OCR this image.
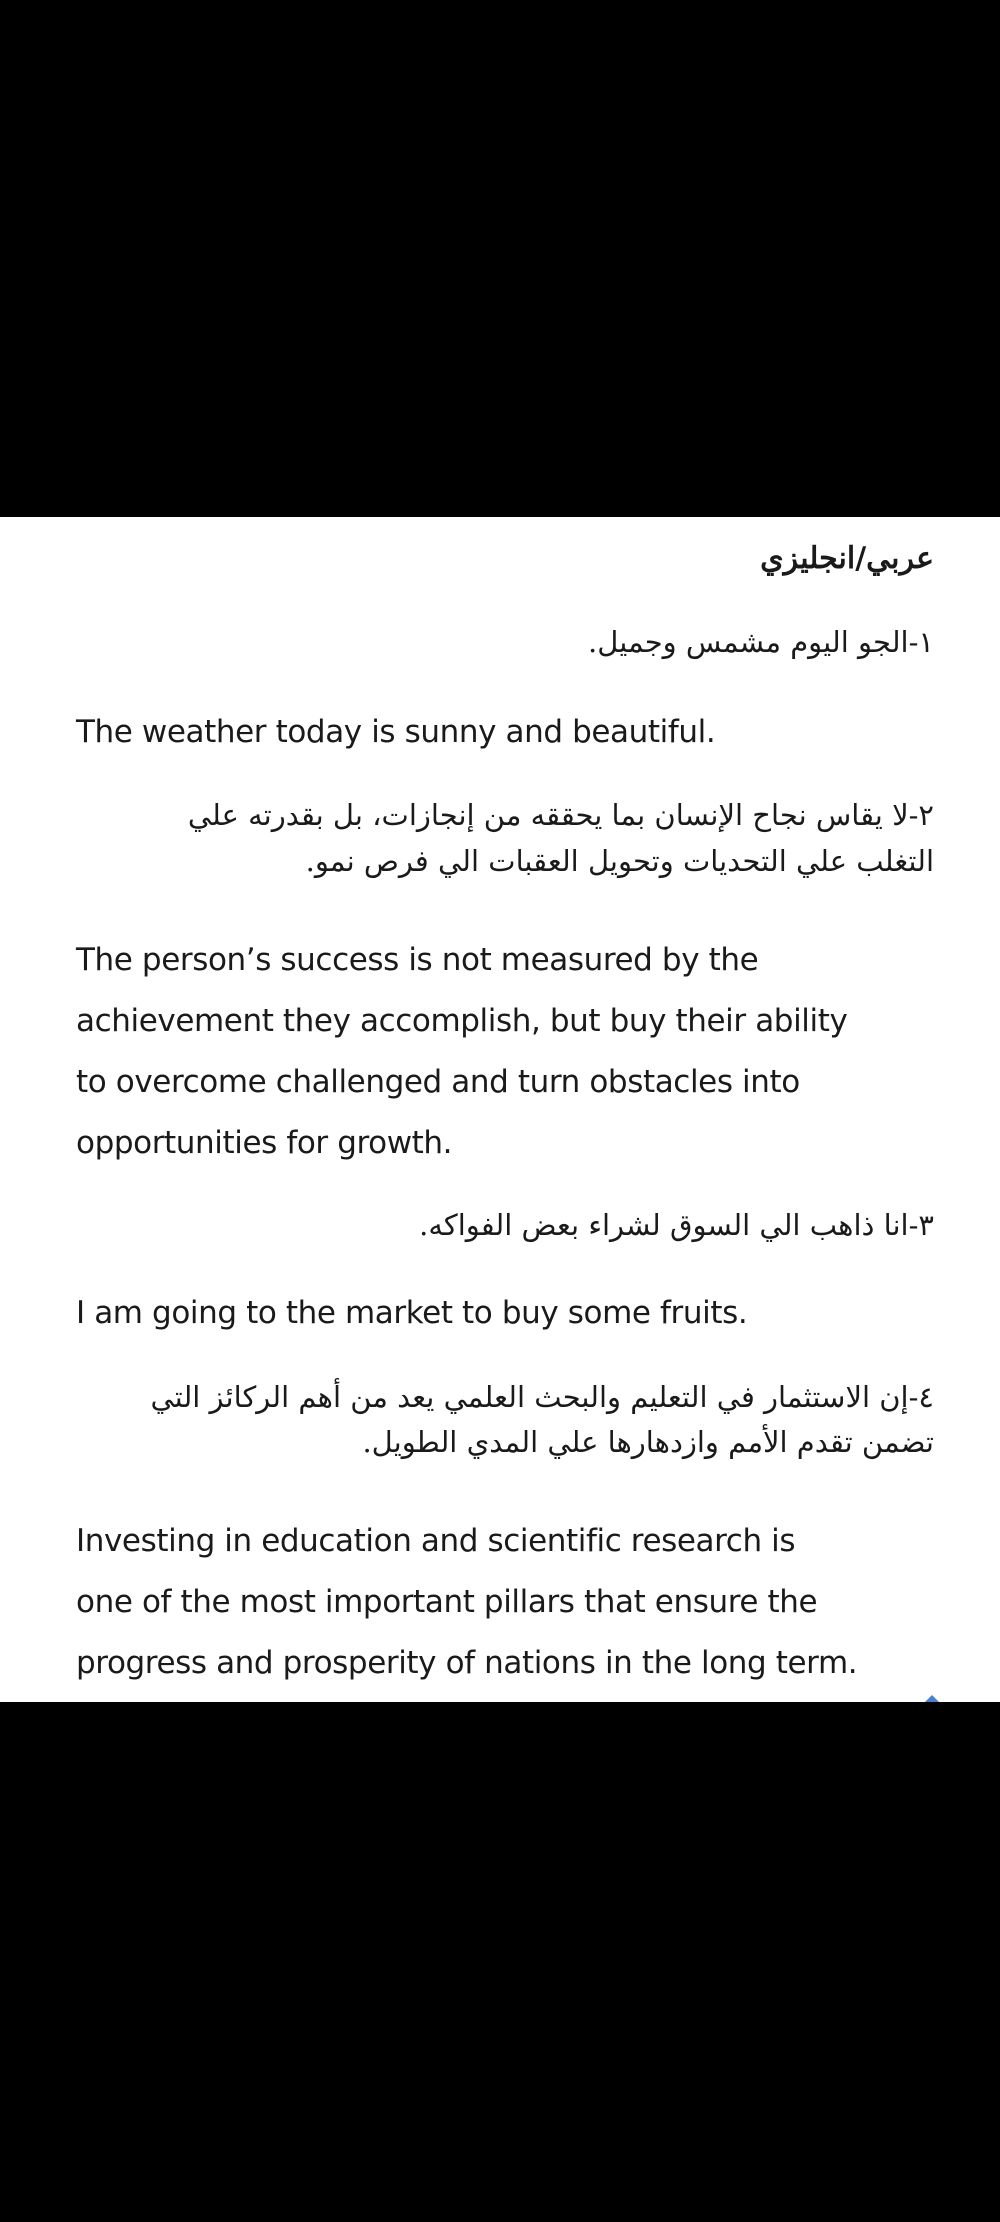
عربي/انجليزي

١-الجو اليوم مشمس وجميل.

The weather today is sunny and beautiful.

٢-لا يقاس نجاح الإنسان بما يحققه من إنجازات، بل بقدرته علي

التغلب علي التحديات وتحويل العقبات الي فرص نمو.

The person’s success is not measured by the

achievement they accomplish, but buy their ability

to overcome challenged and turn obstacles into

opportunities for growth.

٣-انا ذاهب الي السوق لشراء بعض الفواكه.

I am going to the market to buy some fruits.

٤-إن الاستثمار في التعليم والبحث العلمي يعد من أهم الركائز التي

تضمن تقدم الأمم وازدهارها علي المدي الطويل.

Investing in education and scientific research is

one of the most important pillars that ensure the

progress and prosperity of nations in the long term.
